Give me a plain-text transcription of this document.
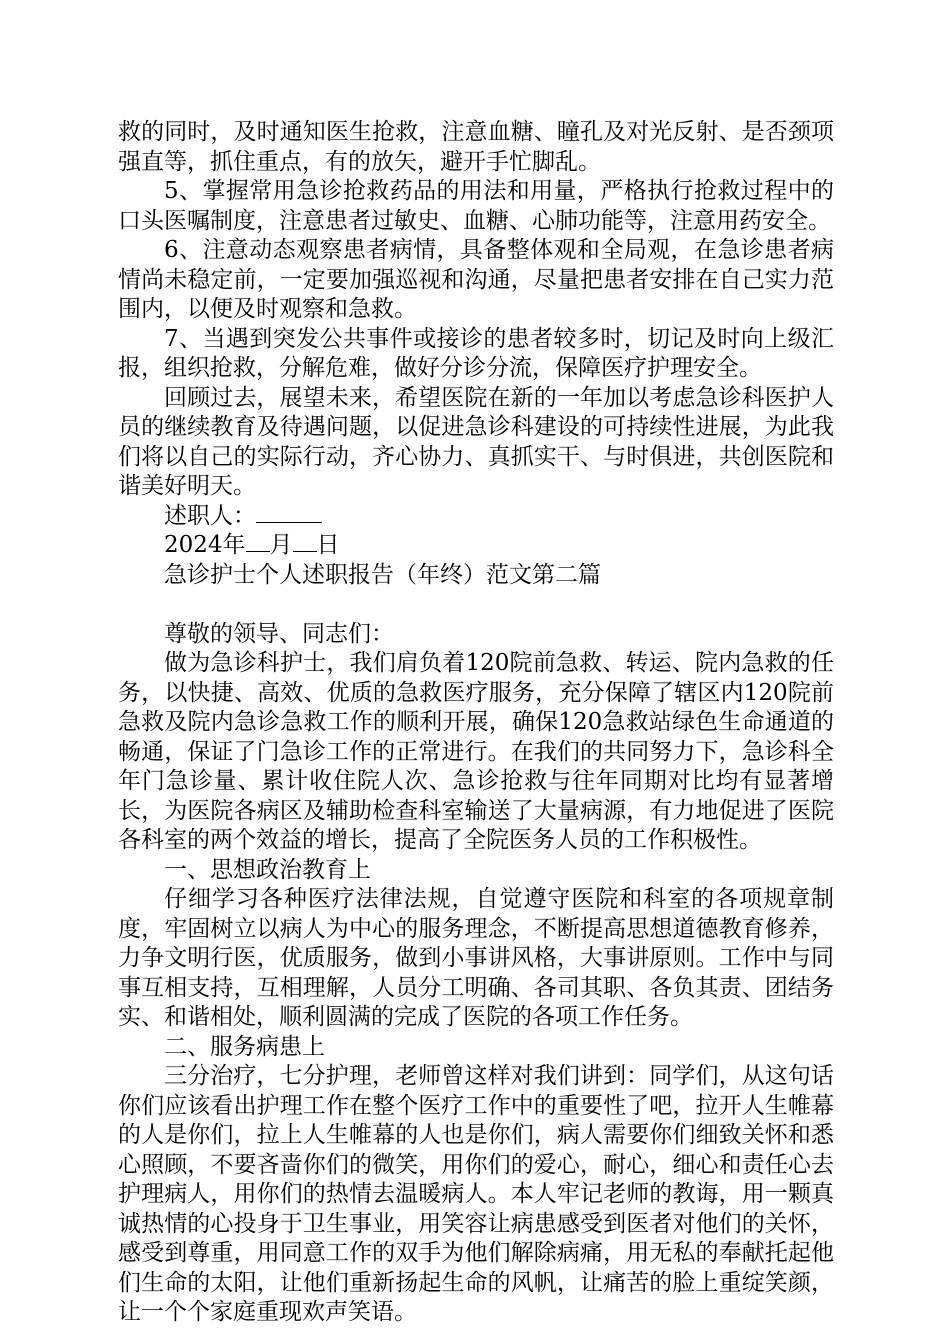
救的同时，及时通知医生抢救，注意血糖、瞳孔及对光反射、是否颈项强直等，抓住重点，有的放矢，避开手忙脚乱。

5、掌握常用急诊抢救药品的用法和用量，严格执行抢救过程中的口头医嘱制度，注意患者过敏史、血糖、心肺功能等，注意用药安全。

6、注意动态观察患者病情，具备整体观和全局观，在急诊患者病情尚未稳定前，一定要加强巡视和沟通，尽量把患者安排在自己实力范围内，以便及时观察和急救。

7、当遇到突发公共事件或接诊的患者较多时，切记及时向上级汇报，组织抢救，分解危难，做好分诊分流，保障医疗护理安全。

回顾过去，展望未来，希望医院在新的一年加以考虑急诊科医护人员的继续教育及待遇问题，以促进急诊科建设的可持续性进展，为此我们将以自己的实际行动，齐心协力、真抓实干、与时俱进，共创医院和谐美好明天。

述职人：

2024年 月 日

急诊护士个人述职报告（年终）范文第二篇

尊敬的领导、同志们：

做为急诊科护士，我们肩负着120院前急救、转运、院内急救的任务，以快捷、高效、优质的急救医疗服务，充分保障了辖区内120院前急救及院内急诊急救工作的顺利开展，确保120急救站绿色生命通道的畅通，保证了门急诊工作的正常进行。在我们的共同努力下，急诊科全年门急诊量、累计收住院人次、急诊抢救与往年同期对比均有显著增长，为医院各病区及辅助检查科室输送了大量病源，有力地促进了医院各科室的两个效益的增长，提高了全院医务人员的工作积极性。

一、思想政治教育上

仔细学习各种医疗法律法规，自觉遵守医院和科室的各项规章制度，牢固树立以病人为中心的服务理念，不断提高思想道德教育修养，力争文明行医，优质服务，做到小事讲风格，大事讲原则。工作中与同事互相支持，互相理解，人员分工明确、各司其职、各负其责、团结务实、和谐相处，顺利圆满的完成了医院的各项工作任务。

二、服务病患上

三分治疗，七分护理，老师曾这样对我们讲到：同学们，从这句话你们应该看出护理工作在整个医疗工作中的重要性了吧，拉开人生帷幕的人是你们，拉上人生帷幕的人也是你们，病人需要你们细致关怀和悉心照顾，不要吝啬你们的微笑，用你们的爱心，耐心，细心和责任心去护理病人，用你们的热情去温暖病人。本人牢记老师的教诲，用一颗真诚热情的心投身于卫生事业，用笑容让病患感受到医者对他们的关怀，感受到尊重，用同意工作的双手为他们解除病痛，用无私的奉献托起他们生命的太阳，让他们重新扬起生命的风帆，让痛苦的脸上重绽笑颜，让一个个家庭重现欢声笑语。
